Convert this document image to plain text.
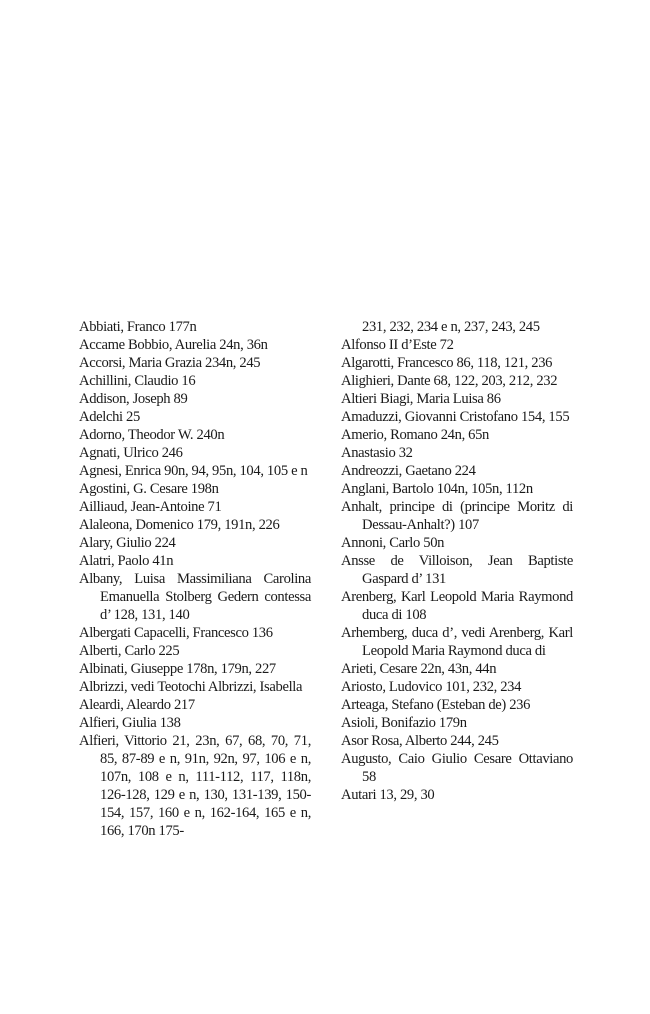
Abbiati, Franco 177n

Accame Bobbio, Aurelia 24n, 36n

Accorsi, Maria Grazia 234n, 245

Achillini, Claudio 16

Addison, Joseph 89

Adelchi 25

Adorno, Theodor W. 240n

Agnati, Ulrico 246

Agnesi, Enrica 90n, 94, 95n, 104, 105 e n

Agostini, G. Cesare 198n

Ailliaud, Jean-Antoine 71

Alaleona, Domenico 179, 191n, 226

Alary, Giulio 224

Alatri, Paolo 41n

Albany, Luisa Massimiliana Carolina Emanuella Stolberg Gedern contessa d’ 128, 131, 140

Albergati Capacelli, Francesco 136

Alberti, Carlo 225

Albinati, Giuseppe 178n, 179n, 227

Albrizzi, vedi Teotochi Albrizzi, Isabella

Aleardi, Aleardo 217

Alfieri, Giulia 138

Alfieri, Vittorio 21, 23n, 67, 68, 70, 71, 85, 87-89 e n, 91n, 92n, 97, 106 e n, 107n, 108 e n, 111-112, 117, 118n, 126-128, 129 e n, 130, 131-139, 150-154, 157, 160 e n, 162-164, 165 e n, 166, 170n 175-

231, 232, 234 e n, 237, 243, 245

Alfonso II d’Este 72

Algarotti, Francesco 86, 118, 121, 236

Alighieri, Dante 68, 122, 203, 212, 232

Altieri Biagi, Maria Luisa 86

Amaduzzi, Giovanni Cristofano 154, 155

Amerio, Romano 24n, 65n

Anastasio 32

Andreozzi, Gaetano 224

Anglani, Bartolo 104n, 105n, 112n

Anhalt, principe di (principe Moritz di Dessau-Anhalt?) 107

Annoni, Carlo 50n

Ansse de Villoison, Jean Baptiste Gaspard d’ 131

Arenberg, Karl Leopold Maria Raymond duca di 108

Arhemberg, duca d’, vedi Arenberg, Karl Leopold Maria Raymond duca di

Arieti, Cesare 22n, 43n, 44n

Ariosto, Ludovico 101, 232, 234

Arteaga, Stefano (Esteban de) 236

Asioli, Bonifazio 179n

Asor Rosa, Alberto 244, 245

Augusto, Caio Giulio Cesare Ottaviano 58

Autari 13, 29, 30
